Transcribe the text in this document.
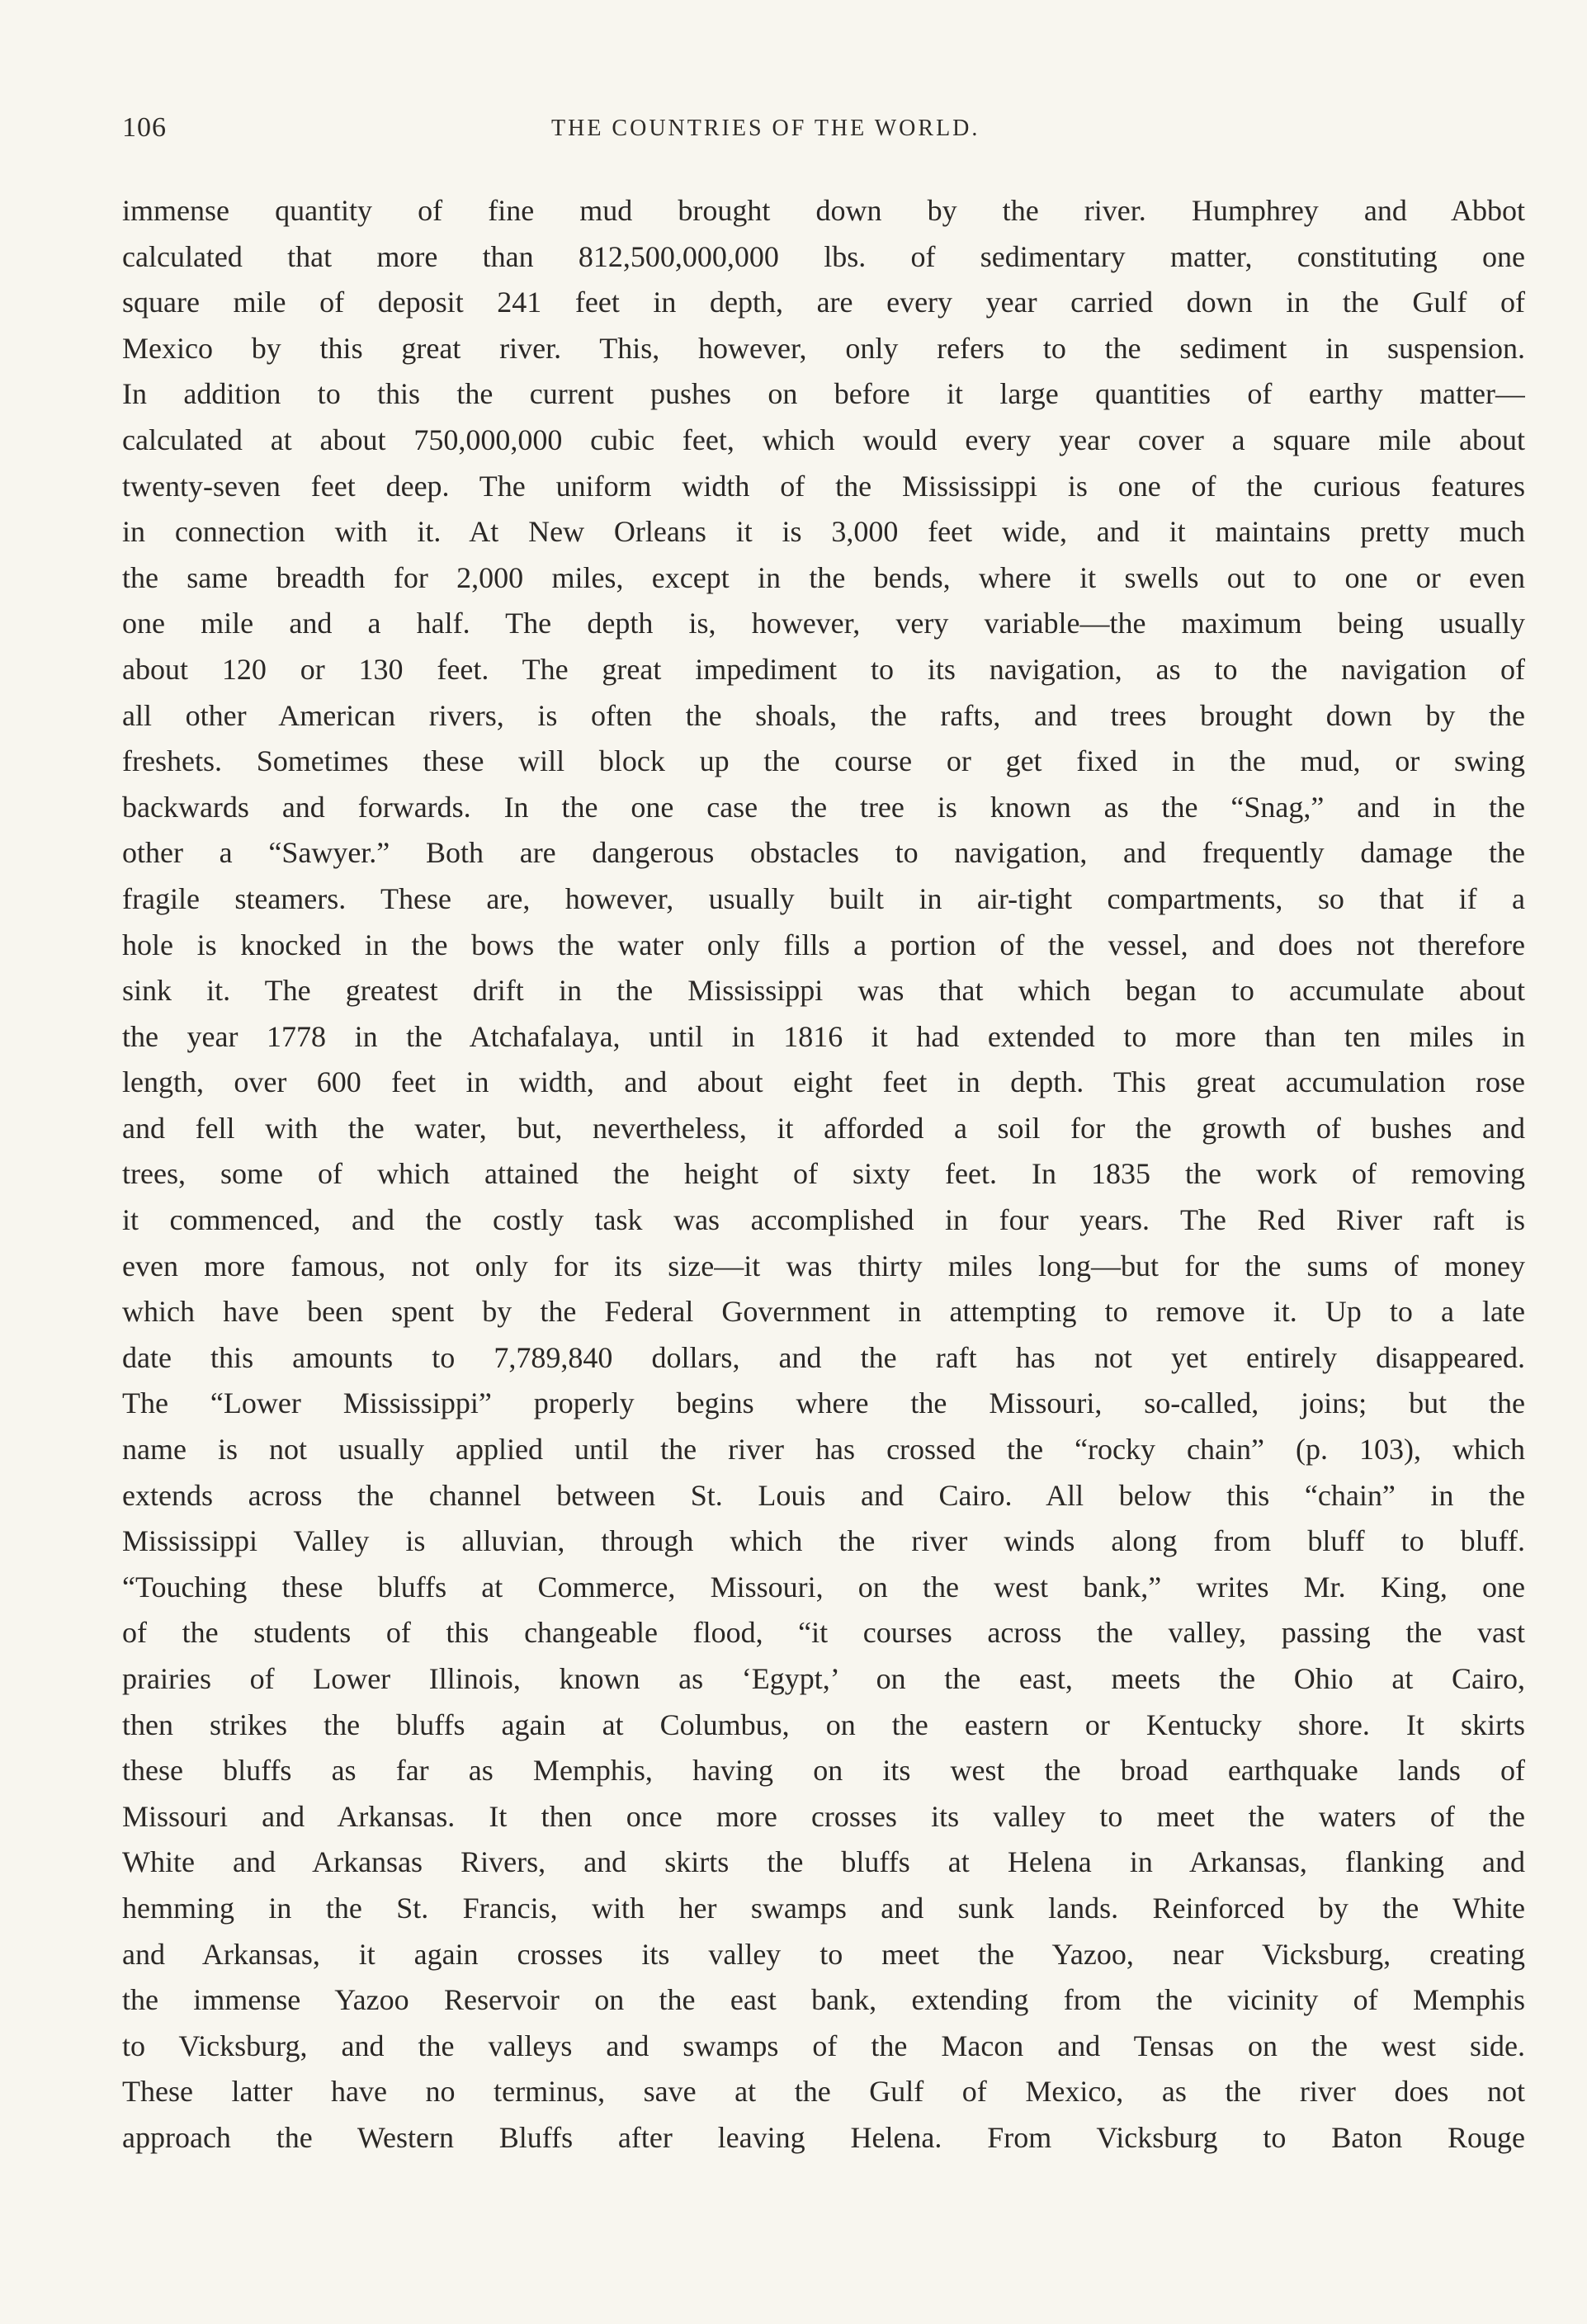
106	THE COUNTRIES OF THE WORLD.
immense quantity of fine mud brought down by the river. Humphrey and Abbot
calculated that more than 812,500,000,000 lbs. of sedimentary matter, constituting one
square mile of deposit 241 feet in depth, are every year carried down in the Gulf of
Mexico by this great river. This, however, only refers to the sediment in suspension.
In addition to this the current pushes on before it large quantities of earthy matter—
calculated at about 750,000,000 cubic feet, which would every year cover a square mile about
twenty-seven feet deep. The uniform width of the Mississippi is one of the curious features
in connection with it. At New Orleans it is 3,000 feet wide, and it maintains pretty much
the same breadth for 2,000 miles, except in the bends, where it swells out to one or even
one mile and a half. The depth is, however, very variable—the maximum being usually
about 120 or 130 feet. The great impediment to its navigation, as to the navigation of
all other American rivers, is often the shoals, the rafts, and trees brought down by the
freshets. Sometimes these will block up the course or get fixed in the mud, or swing
backwards and forwards. In the one case the tree is known as the “Snag,” and in the
other a “Sawyer.” Both are dangerous obstacles to navigation, and frequently damage the
fragile steamers. These are, however, usually built in air-tight compartments, so that if a
hole is knocked in the bows the water only fills a portion of the vessel, and does not therefore
sink it. The greatest drift in the Mississippi was that which began to accumulate about
the year 1778 in the Atchafalaya, until in 1816 it had extended to more than ten miles in
length, over 600 feet in width, and about eight feet in depth. This great accumulation rose
and fell with the water, but, nevertheless, it afforded a soil for the growth of bushes and
trees, some of which attained the height of sixty feet. In 1835 the work of removing
it commenced, and the costly task was accomplished in four years. The Red River raft is
even more famous, not only for its size—it was thirty miles long—but for the sums of money
which have been spent by the Federal Government in attempting to remove it. Up to a late
date this amounts to 7,789,840 dollars, and the raft has not yet entirely disappeared.
The “Lower Mississippi” properly begins where the Missouri, so-called, joins; but the
name is not usually applied until the river has crossed the “rocky chain” (p. 103), which
extends across the channel between St. Louis and Cairo. All below this “chain” in the
Mississippi Valley is alluvian, through which the river winds along from bluff to bluff.
“Touching these bluffs at Commerce, Missouri, on the west bank,” writes Mr. King, one
of the students of this changeable flood, “it courses across the valley, passing the vast
prairies of Lower Illinois, known as ‘Egypt,’ on the east, meets the Ohio at Cairo,
then strikes the bluffs again at Columbus, on the eastern or Kentucky shore. It skirts
these bluffs as far as Memphis, having on its west the broad earthquake lands of
Missouri and Arkansas. It then once more crosses its valley to meet the waters of the
White and Arkansas Rivers, and skirts the bluffs at Helena in Arkansas, flanking and
hemming in the St. Francis, with her swamps and sunk lands. Reinforced by the White
and Arkansas, it again crosses its valley to meet the Yazoo, near Vicksburg, creating
the immense Yazoo Reservoir on the east bank, extending from the vicinity of Memphis
to Vicksburg, and the valleys and swamps of the Macon and Tensas on the west side.
These latter have no terminus, save at the Gulf of Mexico, as the river does not
approach the Western Bluffs after leaving Helena. From Vicksburg to Baton Rouge
